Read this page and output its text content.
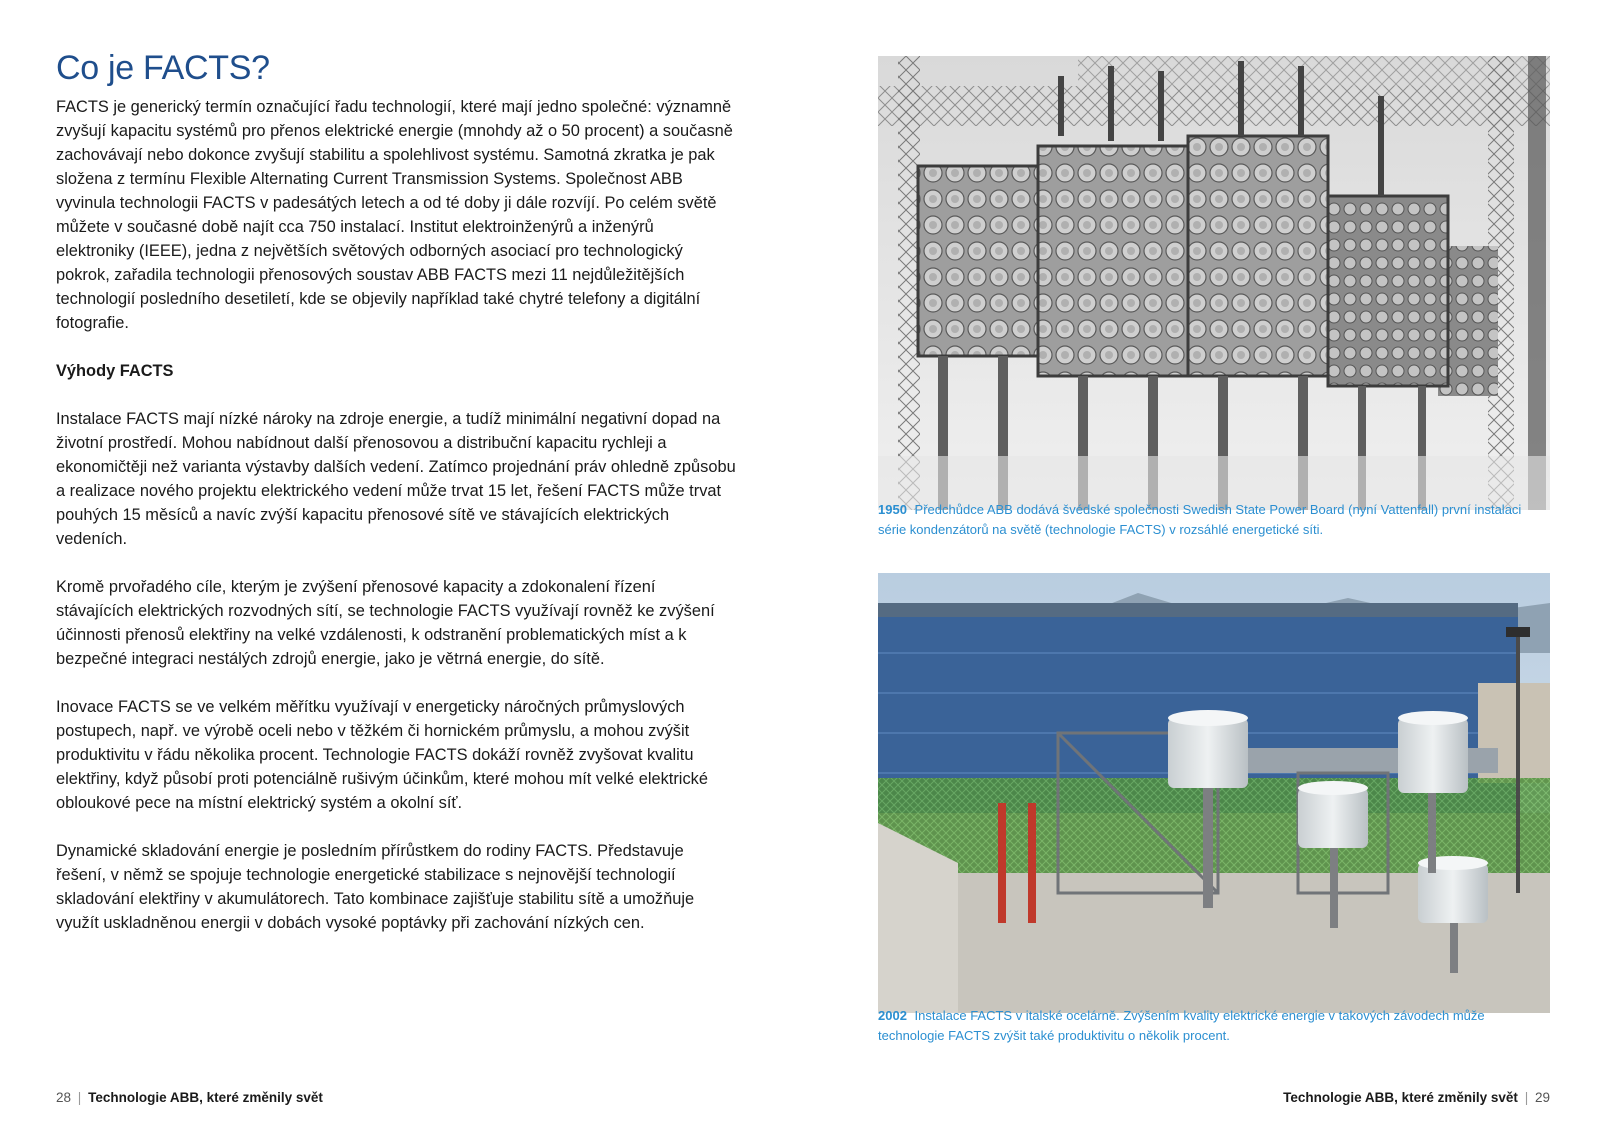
Co je FACTS?

FACTS je generický termín označující řadu technologií, které mají jedno společné: významně zvyšují kapacitu systémů pro přenos elektrické energie (mnohdy až o 50 procent) a současně zachovávají nebo dokonce zvyšují stabilitu a spolehlivost systému. Samotná zkratka je pak složena z termínu Flexible Alternating Current Transmission Systems. Společnost ABB vyvinula technologii FACTS v padesátých letech a od té doby ji dále rozvíjí. Po celém světě můžete v současné době najít cca 750 instalací. Institut elektroinženýrů a inženýrů elektroniky (IEEE), jedna z největších světových odborných asociací pro technologický pokrok, zařadila technologii přenosových soustav ABB FACTS mezi 11 nejdůležitějších technologií posledního desetiletí, kde se objevily například také chytré telefony a digitální fotografie.

Výhody FACTS

Instalace FACTS mají nízké nároky na zdroje energie, a tudíž minimální negativní dopad na životní prostředí. Mohou nabídnout další přenosovou a distribuční kapacitu rychleji a ekonomičtěji než varianta výstavby dalších vedení. Zatímco projednání práv ohledně způsobu a realizace nového projektu elektrického vedení může trvat 15 let, řešení FACTS může trvat pouhých 15 měsíců a navíc zvýší kapacitu přenosové sítě ve stávajících elektrických vedeních.

Kromě prvořadého cíle, kterým je zvýšení přenosové kapacity a zdokonalení řízení stávajících elektrických rozvodných sítí, se technologie FACTS využívají rovněž ke zvýšení účinnosti přenosů elektřiny na velké vzdálenosti, k odstranění problematických míst a k bezpečné integraci nestálých zdrojů energie, jako je větrná energie, do sítě.

Inovace FACTS se ve velkém měřítku využívají v energeticky náročných průmyslových postupech, např. ve výrobě oceli nebo v těžkém či hornickém průmyslu, a mohou zvýšit produktivitu v řádu několika procent. Technologie FACTS dokáží rovněž zvyšovat kvalitu elektřiny, když působí proti potenciálně rušivým účinkům, které mohou mít velké elektrické obloukové pece na místní elektrický systém a okolní síť.

Dynamické skladování energie je posledním přírůstkem do rodiny FACTS. Představuje řešení, v němž se spojuje technologie energetické stabilizace s nejnovější technologií skladování elektřiny v akumulátorech. Tato kombinace zajišťuje stabilitu sítě a umožňuje využít uskladněnou energii v dobách vysoké poptávky při zachování nízkých cen.

1950 Předchůdce ABB dodává švédské společnosti Swedish State Power Board (nyní Vattenfall) první instalaci série kondenzátorů na světě (technologie FACTS) v rozsáhlé energetické síti.
2002 Instalace FACTS v italské ocelárně. Zvýšením kvality elektrické energie v takových závodech může technologie FACTS zvýšit také produktivitu o několik procent.
28 | Technologie ABB, které změnily svět	Technologie ABB, které změnily svět | 29
